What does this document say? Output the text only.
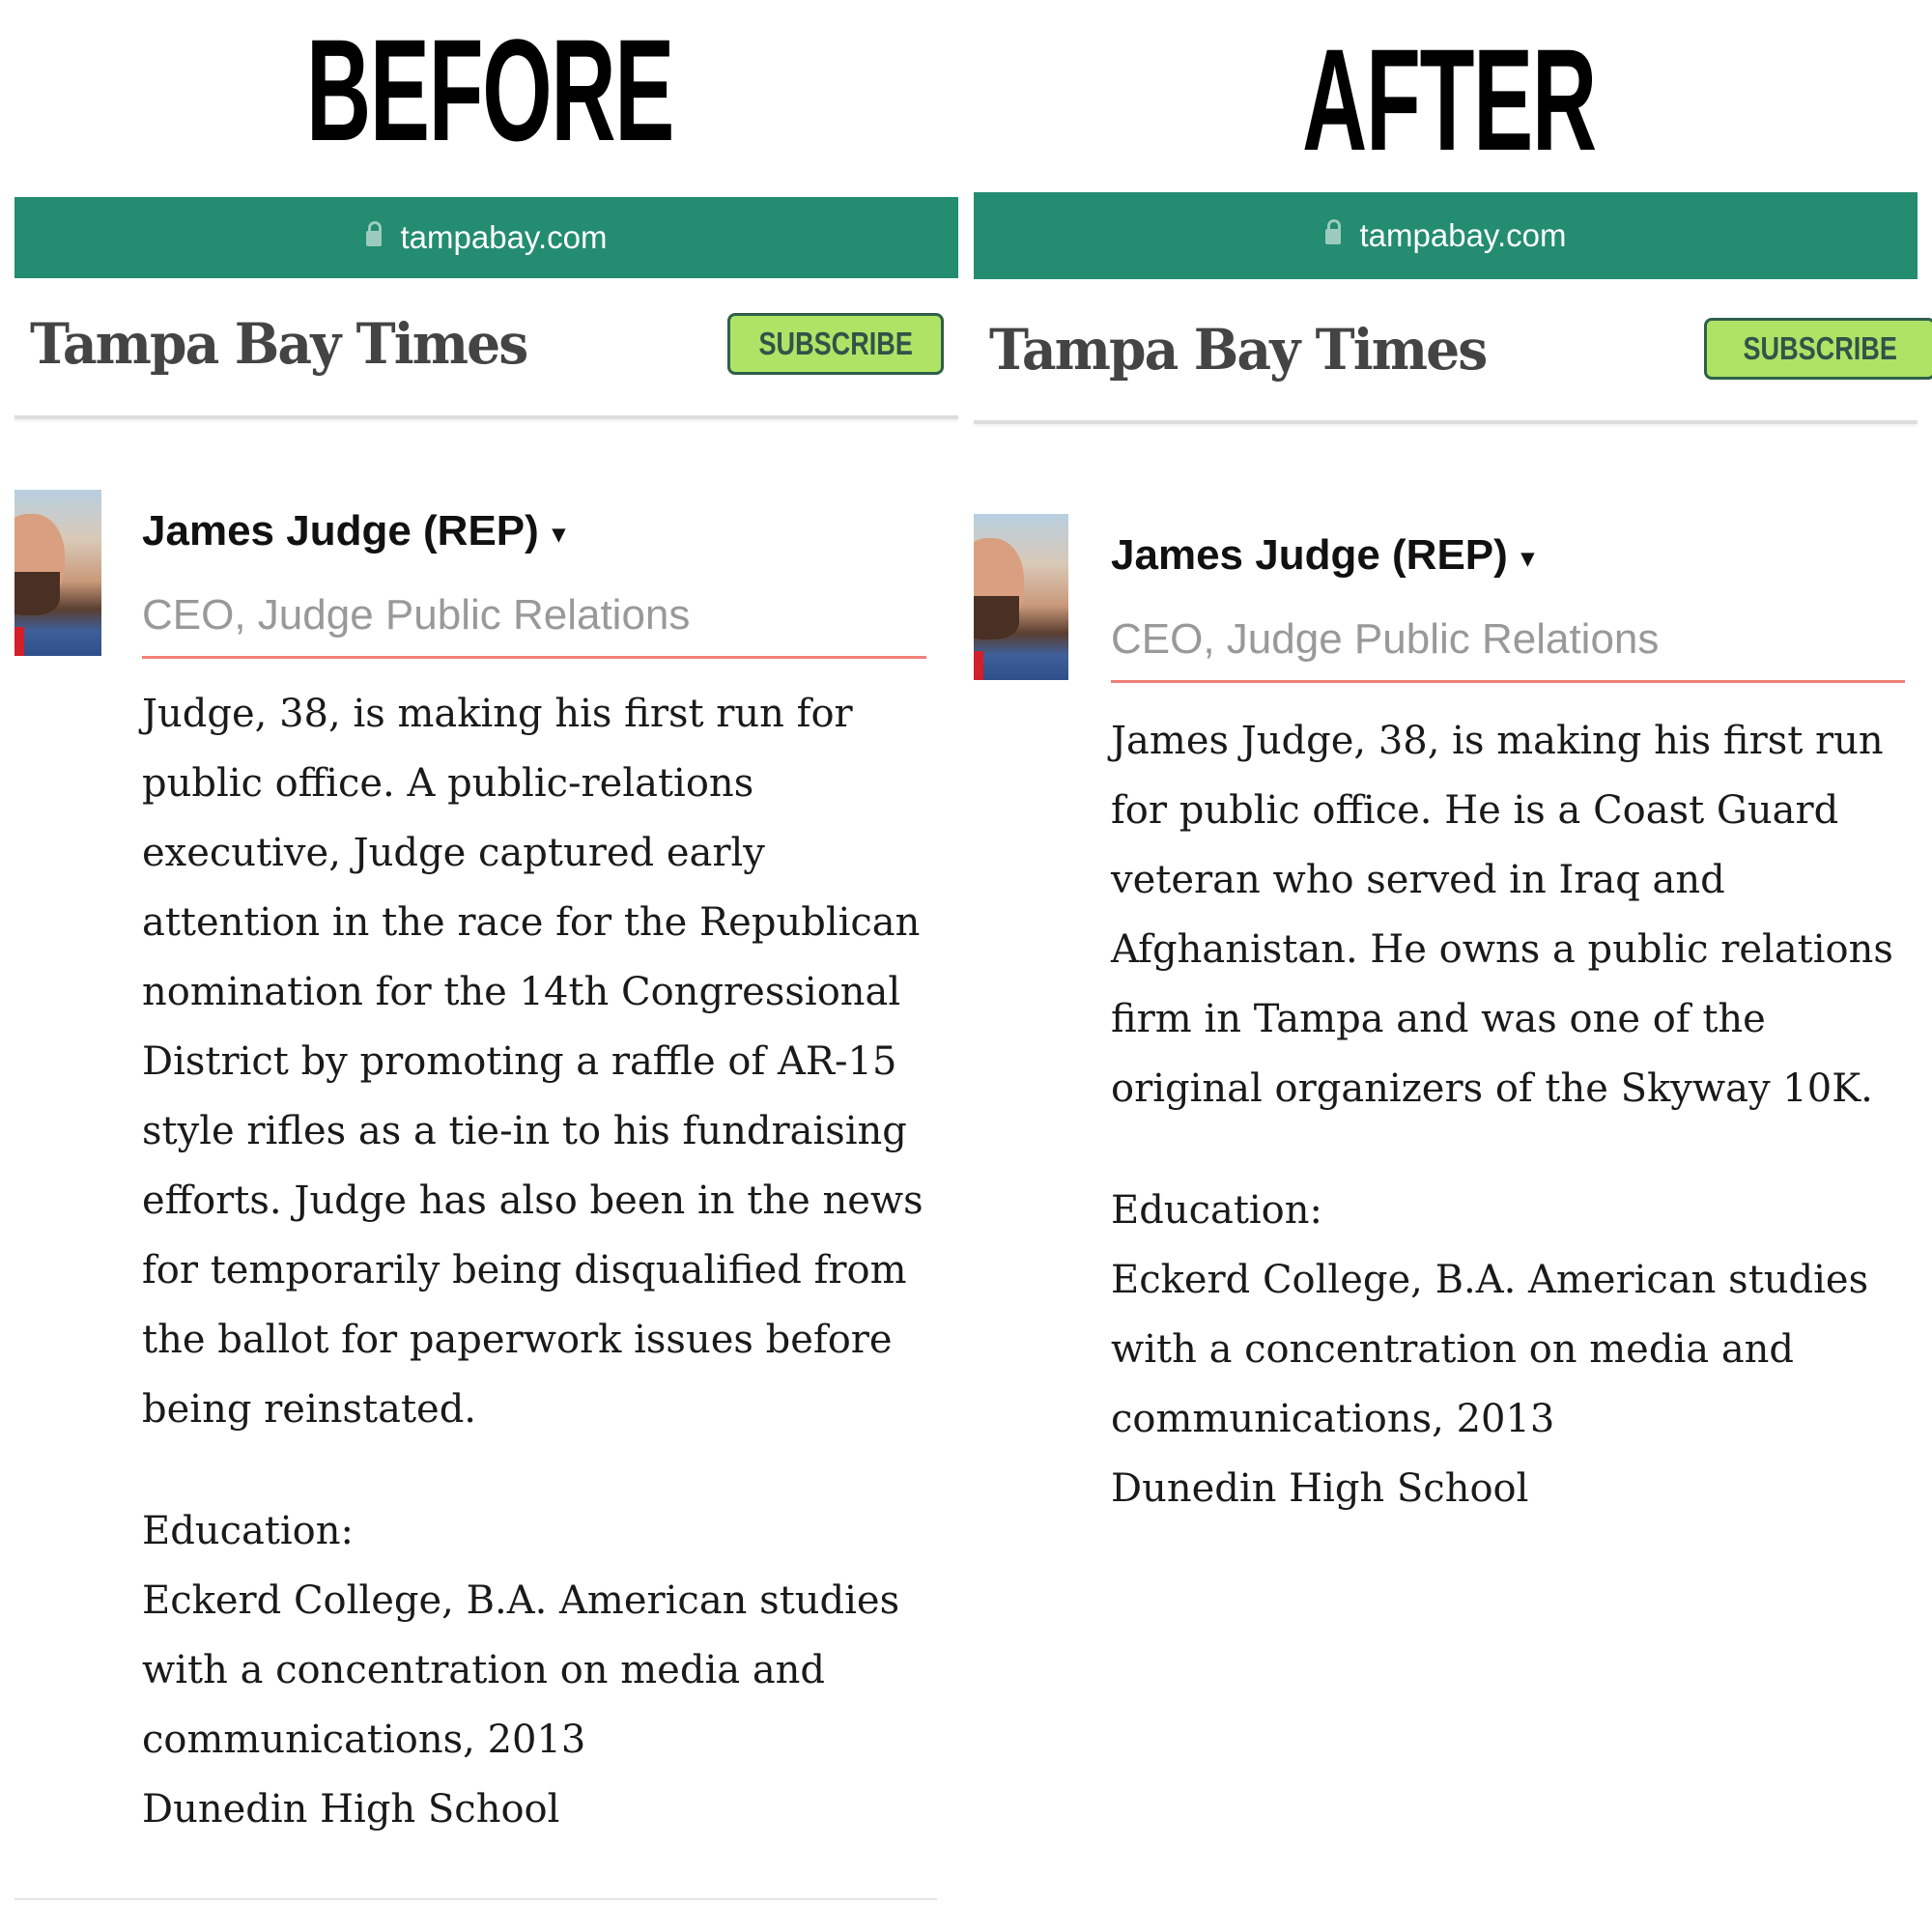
BEFORE	AFTER
tampabay.com
Tampa Bay Times	SUBSCRIBE
James Judge (REP) ▾
CEO, Judge Public Relations
Judge, 38, is making his first run for
public office. A public-relations
executive, Judge captured early
attention in the race for the Republican
nomination for the 14th Congressional
District by promoting a raffle of AR-15
style rifles as a tie-in to his fundraising
efforts. Judge has also been in the news
for temporarily being disqualified from
the ballot for paperwork issues before
being reinstated.
Education:
Eckerd College, B.A. American studies
with a concentration on media and
communications, 2013
Dunedin High School
tampabay.com
Tampa Bay Times	SUBSCRIBE
James Judge (REP) ▾
CEO, Judge Public Relations
James Judge, 38, is making his first run
for public office. He is a Coast Guard
veteran who served in Iraq and
Afghanistan. He owns a public relations
firm in Tampa and was one of the
original organizers of the Skyway 10K.
Education:
Eckerd College, B.A. American studies
with a concentration on media and
communications, 2013
Dunedin High School
